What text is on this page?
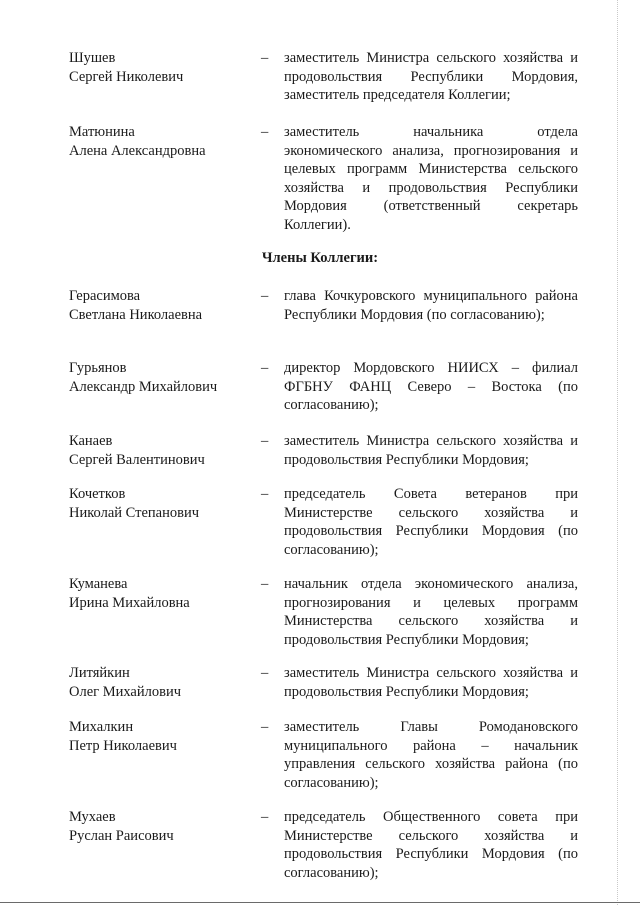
Шушев
Сергей Николевич
– заместитель Министра сельского хозяйства и продовольствия Республики Мордовия, заместитель председателя Коллегии;
Матюнина
Алена Александровна
– заместитель начальника отдела экономического анализа, прогнозирования и целевых программ Министерства сельского хозяйства и продовольствия Республики Мордовия (ответственный секретарь Коллегии).
Члены Коллегии:
Герасимова
Светлана Николаевна
– глава Кочкуровского муниципального района Республики Мордовия (по согласованию);
Гурьянов
Александр Михайлович
– директор Мордовского НИИСХ – филиал ФГБНУ ФАНЦ Северо – Востока (по согласованию);
Канаев
Сергей Валентинович
– заместитель Министра сельского хозяйства и продовольствия Республики Мордовия;
Кочетков
Николай Степанович
– председатель Совета ветеранов при Министерстве сельского хозяйства и продовольствия Республики Мордовия (по согласованию);
Куманева
Ирина Михайловна
– начальник отдела экономического анализа, прогнозирования и целевых программ Министерства сельского хозяйства и продовольствия Республики Мордовия;
Литяйкин
Олег Михайлович
– заместитель Министра сельского хозяйства и продовольствия Республики Мордовия;
Михалкин
Петр Николаевич
– заместитель Главы Ромодановского муниципального района – начальник управления сельского хозяйства района (по согласованию);
Мухаев
Руслан Раисович
– председатель Общественного совета при Министерстве сельского хозяйства и продовольствия Республики Мордовия (по согласованию);
